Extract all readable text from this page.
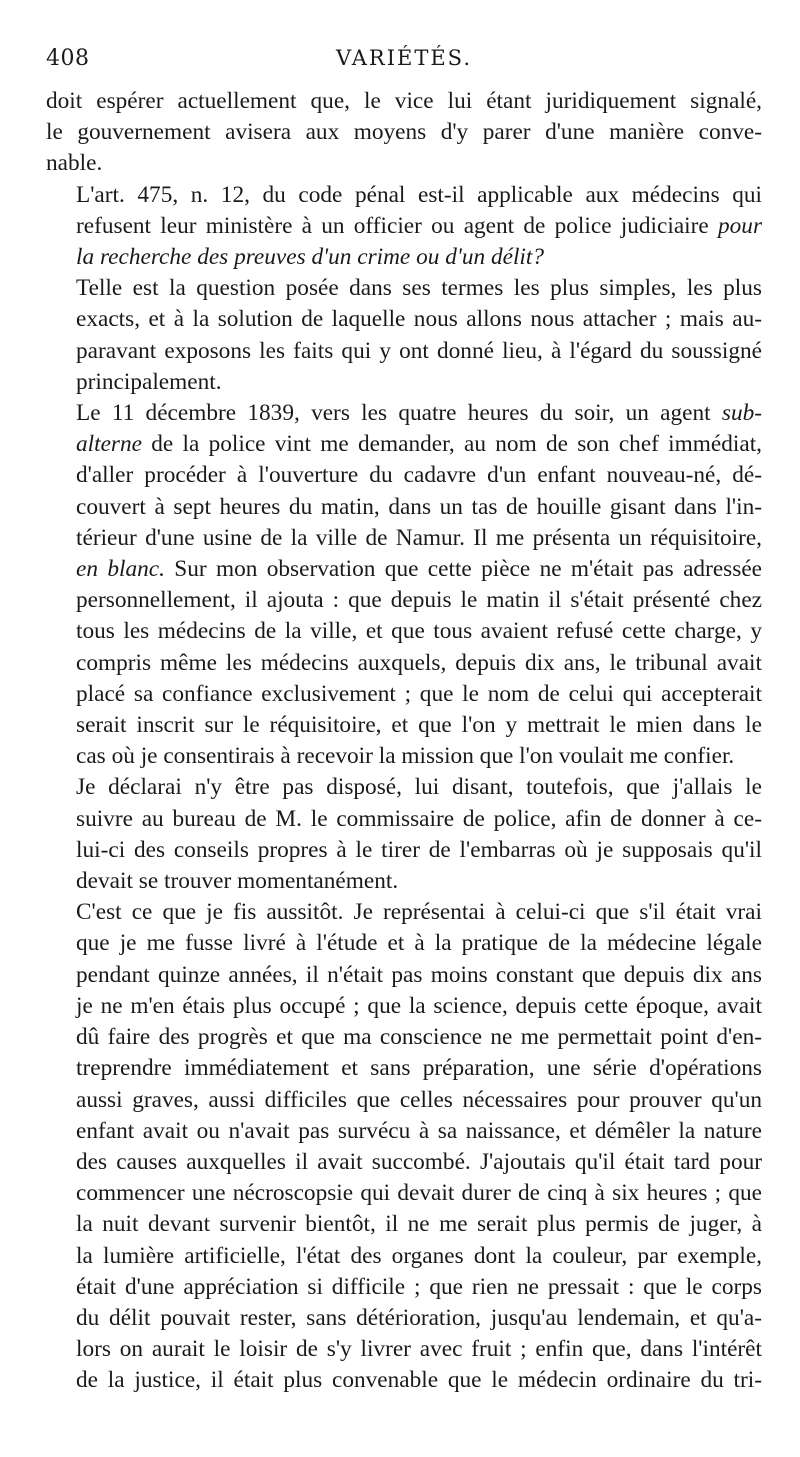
408	VARIÉTÉS.

doit espérer actuellement que, le vice lui étant juridiquement signalé,
le gouvernement avisera aux moyens d'y parer d'une manière conve-
nable.

L'art. 475, n. 12, du code pénal est-il applicable aux médecins qui
refusent leur ministère à un officier ou agent de police judiciaire pour
la recherche des preuves d'un crime ou d'un délit?

Telle est la question posée dans ses termes les plus simples, les plus
exacts, et à la solution de laquelle nous allons nous attacher ; mais au-
paravant exposons les faits qui y ont donné lieu, à l'égard du soussigné
principalement.

Le 11 décembre 1839, vers les quatre heures du soir, un agent sub-
alterne de la police vint me demander, au nom de son chef immédiat,
d'aller procéder à l'ouverture du cadavre d'un enfant nouveau-né, dé-
couvert à sept heures du matin, dans un tas de houille gisant dans l'in-
térieur d'une usine de la ville de Namur. Il me présenta un réquisitoire,
en blanc. Sur mon observation que cette pièce ne m'était pas adressée
personnellement, il ajouta : que depuis le matin il s'était présenté chez
tous les médecins de la ville, et que tous avaient refusé cette charge, y
compris même les médecins auxquels, depuis dix ans, le tribunal avait
placé sa confiance exclusivement ; que le nom de celui qui accepterait
serait inscrit sur le réquisitoire, et que l'on y mettrait le mien dans le
cas où je consentirais à recevoir la mission que l'on voulait me confier.

Je déclarai n'y être pas disposé, lui disant, toutefois, que j'allais le
suivre au bureau de M. le commissaire de police, afin de donner à ce-
lui-ci des conseils propres à le tirer de l'embarras où je supposais qu'il
devait se trouver momentanément.

C'est ce que je fis aussitôt. Je représentai à celui-ci que s'il était vrai
que je me fusse livré à l'étude et à la pratique de la médecine légale
pendant quinze années, il n'était pas moins constant que depuis dix ans
je ne m'en étais plus occupé ; que la science, depuis cette époque, avait
dû faire des progrès et que ma conscience ne me permettait point d'en-
treprendre immédiatement et sans préparation, une série d'opérations
aussi graves, aussi difficiles que celles nécessaires pour prouver qu'un
enfant avait ou n'avait pas survécu à sa naissance, et démêler la nature
des causes auxquelles il avait succombé. J'ajoutais qu'il était tard pour
commencer une nécroscopsie qui devait durer de cinq à six heures ; que
la nuit devant survenir bientôt, il ne me serait plus permis de juger, à
la lumière artificielle, l'état des organes dont la couleur, par exemple,
était d'une appréciation si difficile ; que rien ne pressait : que le corps
du délit pouvait rester, sans détérioration, jusqu'au lendemain, et qu'a-
lors on aurait le loisir de s'y livrer avec fruit ; enfin que, dans l'intérêt
de la justice, il était plus convenable que le médecin ordinaire du tri-
